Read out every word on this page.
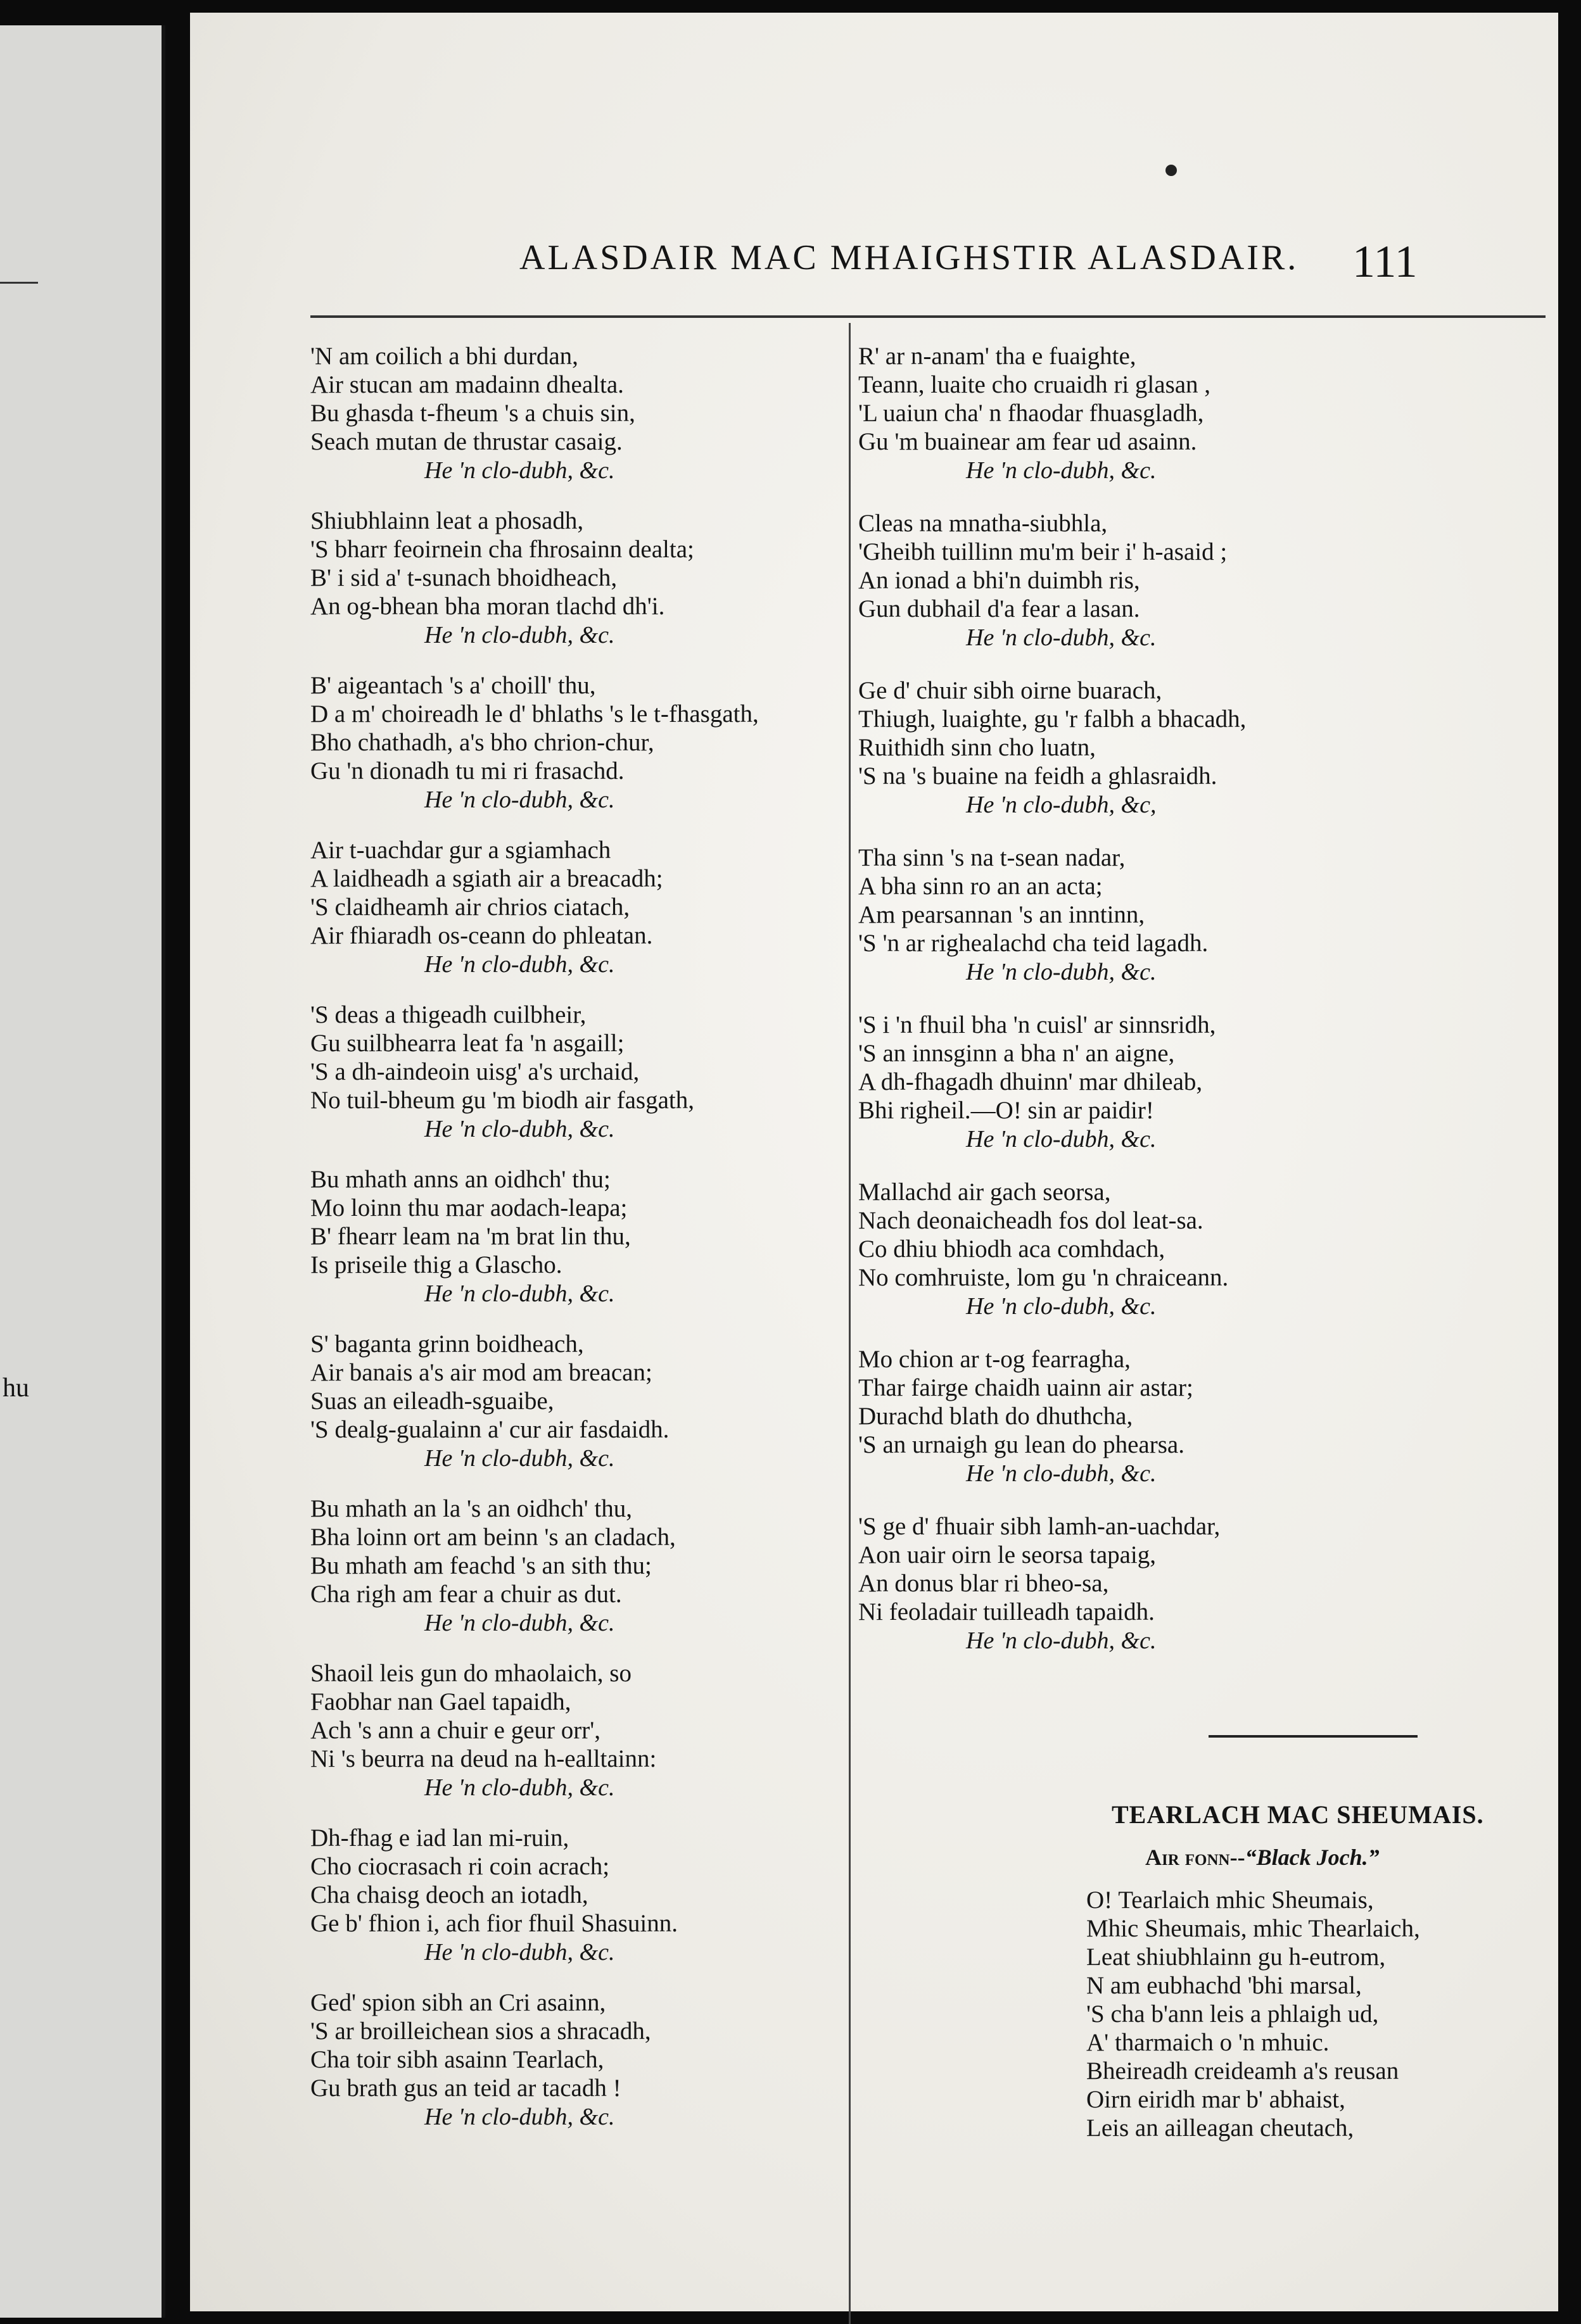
hu
ALASDAIR MAC MHAIGHSTIR ALASDAIR.	111
'N am coilich a bhi durdan,
Air stucan am madainn dhealta.
Bu ghasda t-fheum 's a chuis sin,
Seach mutan de thrustar casaig.
He 'n clo-dubh, &c.
Shiubhlainn leat a phosadh,
'S bharr feoirnein cha fhrosainn dealta;
B' i sid a' t-sunach bhoidheach,
An og-bhean bha moran tlachd dh'i.
He 'n clo-dubh, &c.
B' aigeantach 's a' choill' thu,
D a m' choireadh le d' bhlaths 's le t-fhasgath,
Bho chathadh, a's bho chrion-chur,
Gu 'n dionadh tu mi ri frasachd.
He 'n clo-dubh, &c.
Air t-uachdar gur a sgiamhach
A laidheadh a sgiath air a breacadh;
'S claidheamh air chrios ciatach,
Air fhiaradh os-ceann do phleatan.
He 'n clo-dubh, &c.
'S deas a thigeadh cuilbheir,
Gu suilbhearra leat fa 'n asgaill;
'S a dh-aindeoin uisg' a's urchaid,
No tuil-bheum gu 'm biodh air fasgath,
He 'n clo-dubh, &c.
Bu mhath anns an oidhch' thu;
Mo loinn thu mar aodach-leapa;
B' fhearr leam na 'm brat lin thu,
Is priseile thig a Glascho.
He 'n clo-dubh, &c.
S' baganta grinn boidheach,
Air banais a's air mod am breacan;
Suas an eileadh-sguaibe,
'S dealg-gualainn a' cur air fasdaidh.
He 'n clo-dubh, &c.
Bu mhath an la 's an oidhch' thu,
Bha loinn ort am beinn 's an cladach,
Bu mhath am feachd 's an sith thu;
Cha righ am fear a chuir as dut.
He 'n clo-dubh, &c.
Shaoil leis gun do mhaolaich, so
Faobhar nan Gael tapaidh,
Ach 's ann a chuir e geur orr',
Ni 's beurra na deud na h-ealltainn:
He 'n clo-dubh, &c.
Dh-fhag e iad lan mi-ruin,
Cho ciocrasach ri coin acrach;
Cha chaisg deoch an iotadh,
Ge b' fhion i, ach fior fhuil Shasuinn.
He 'n clo-dubh, &c.
Ged' spion sibh an Cri asainn,
'S ar broilleichean sios a shracadh,
Cha toir sibh asainn Tearlach,
Gu brath gus an teid ar tacadh !
He 'n clo-dubh, &c.
R' ar n-anam' tha e fuaighte,
Teann, luaite cho cruaidh ri glasan ,
'L uaiun cha' n fhaodar fhuasgladh,
Gu 'm buainear am fear ud asainn.
He 'n clo-dubh, &c.
Cleas na mnatha-siubhla,
'Gheibh tuillinn mu'm beir i' h-asaid ;
An ionad a bhi'n duimbh ris,
Gun dubhail d'a fear a lasan.
He 'n clo-dubh, &c.
Ge d' chuir sibh oirne buarach,
Thiugh, luaighte, gu 'r falbh a bhacadh,
Ruithidh sinn cho luatn,
'S na 's buaine na feidh a ghlasraidh.
He 'n clo-dubh, &c,
Tha sinn 's na t-sean nadar,
A bha sinn ro an an acta;
Am pearsannan 's an inntinn,
'S 'n ar righealachd cha teid lagadh.
He 'n clo-dubh, &c.
'S i 'n fhuil bha 'n cuisl' ar sinnsridh,
'S an innsginn a bha n' an aigne,
A dh-fhagadh dhuinn' mar dhileab,
Bhi righeil.—O! sin ar paidir!
He 'n clo-dubh, &c.
Mallachd air gach seorsa,
Nach deonaicheadh fos dol leat-sa.
Co dhiu bhiodh aca comhdach,
No comhruiste, lom gu 'n chraiceann.
He 'n clo-dubh, &c.
Mo chion ar t-og fearragha,
Thar fairge chaidh uainn air astar;
Durachd blath do dhuthcha,
'S an urnaigh gu lean do phearsa.
He 'n clo-dubh, &c.
'S ge d' fhuair sibh lamh-an-uachdar,
Aon uair oirn le seorsa tapaig,
An donus blar ri bheo-sa,
Ni feoladair tuilleadh tapaidh.
He 'n clo-dubh, &c.
TEARLACH MAC SHEUMAIS.
Air fonn--“Black Joch.”
O! Tearlaich mhic Sheumais,
Mhic Sheumais, mhic Thearlaich,
Leat shiubhlainn gu h-eutrom,
N am eubhachd 'bhi marsal,
'S cha b'ann leis a phlaigh ud,
A' tharmaich o 'n mhuic.
Bheireadh creideamh a's reusan
Oirn eiridh mar b' abhaist,
Leis an ailleagan cheutach,
